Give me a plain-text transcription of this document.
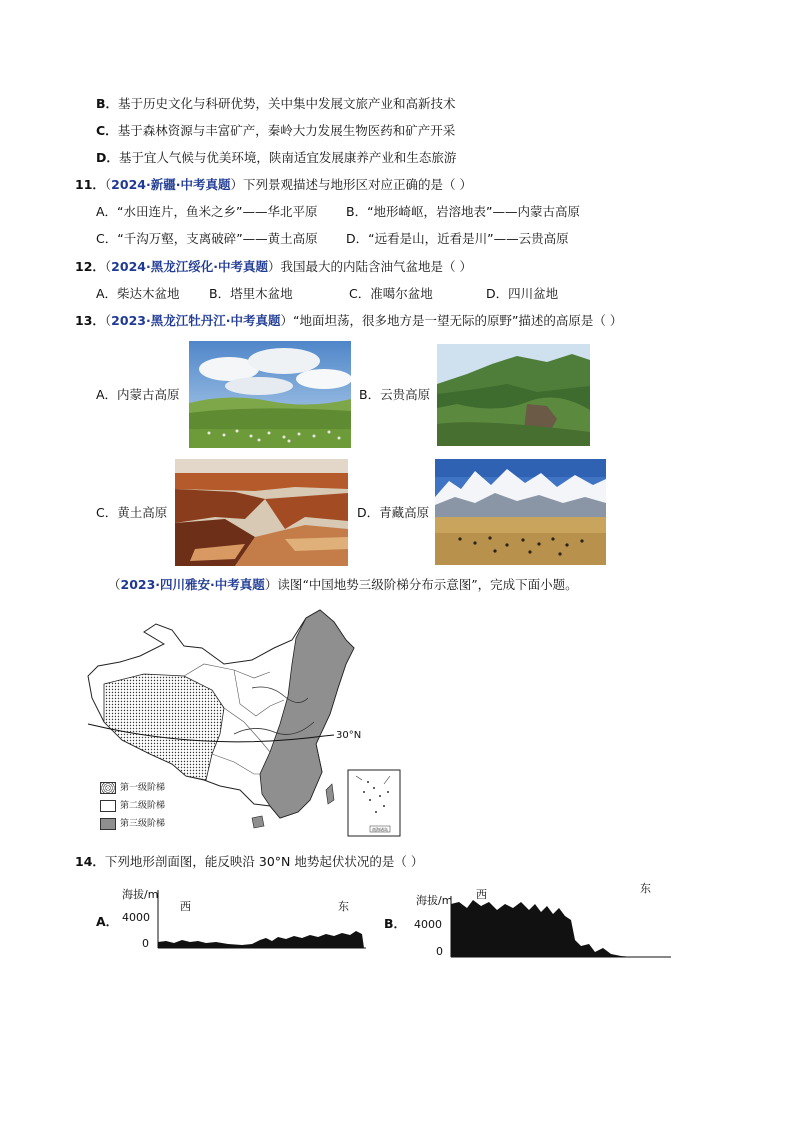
B．基于历史文化与科研优势，关中集中发展文旅产业和高新技术
C．基于森林资源与丰富矿产，秦岭大力发展生物医药和矿产开采
D．基于宜人气候与优美环境，陕南适宜发展康养产业和生态旅游
11．（2024·新疆·中考真题）下列景观描述与地形区对应正确的是（ ）
A．“水田连片，鱼米之乡”——华北平原 B．“地形崎岖，岩溶地表”——内蒙古高原
C．“千沟万壑，支离破碎”——黄土高原 D．“远看是山，近看是川”——云贵高原
12．（2024·黑龙江绥化·中考真题）我国最大的内陆含油气盆地是（ ）
A．柴达木盆地 B．塔里木盆地	C．准噶尔盆地	D．四川盆地
13．（2023·黑龙江牡丹江·中考真题）“地面坦荡，很多地方是一望无际的原野”描述的高原是（ ）
A．内蒙古高原	B．云贵高原
C．黄土高原	D．青藏高原
（2023·四川雅安·中考真题）读图“中国地势三级阶梯分布示意图”，完成下面小题。
30°N
南海诸岛
第一级阶梯
第二级阶梯
第三级阶梯
14．下列地形剖面图，能反映沿 30°N 地势起伏状况的是（ ）
A．
海拔/m
4000
0
西	东
B．
海拔/m
4000
0
西	东
